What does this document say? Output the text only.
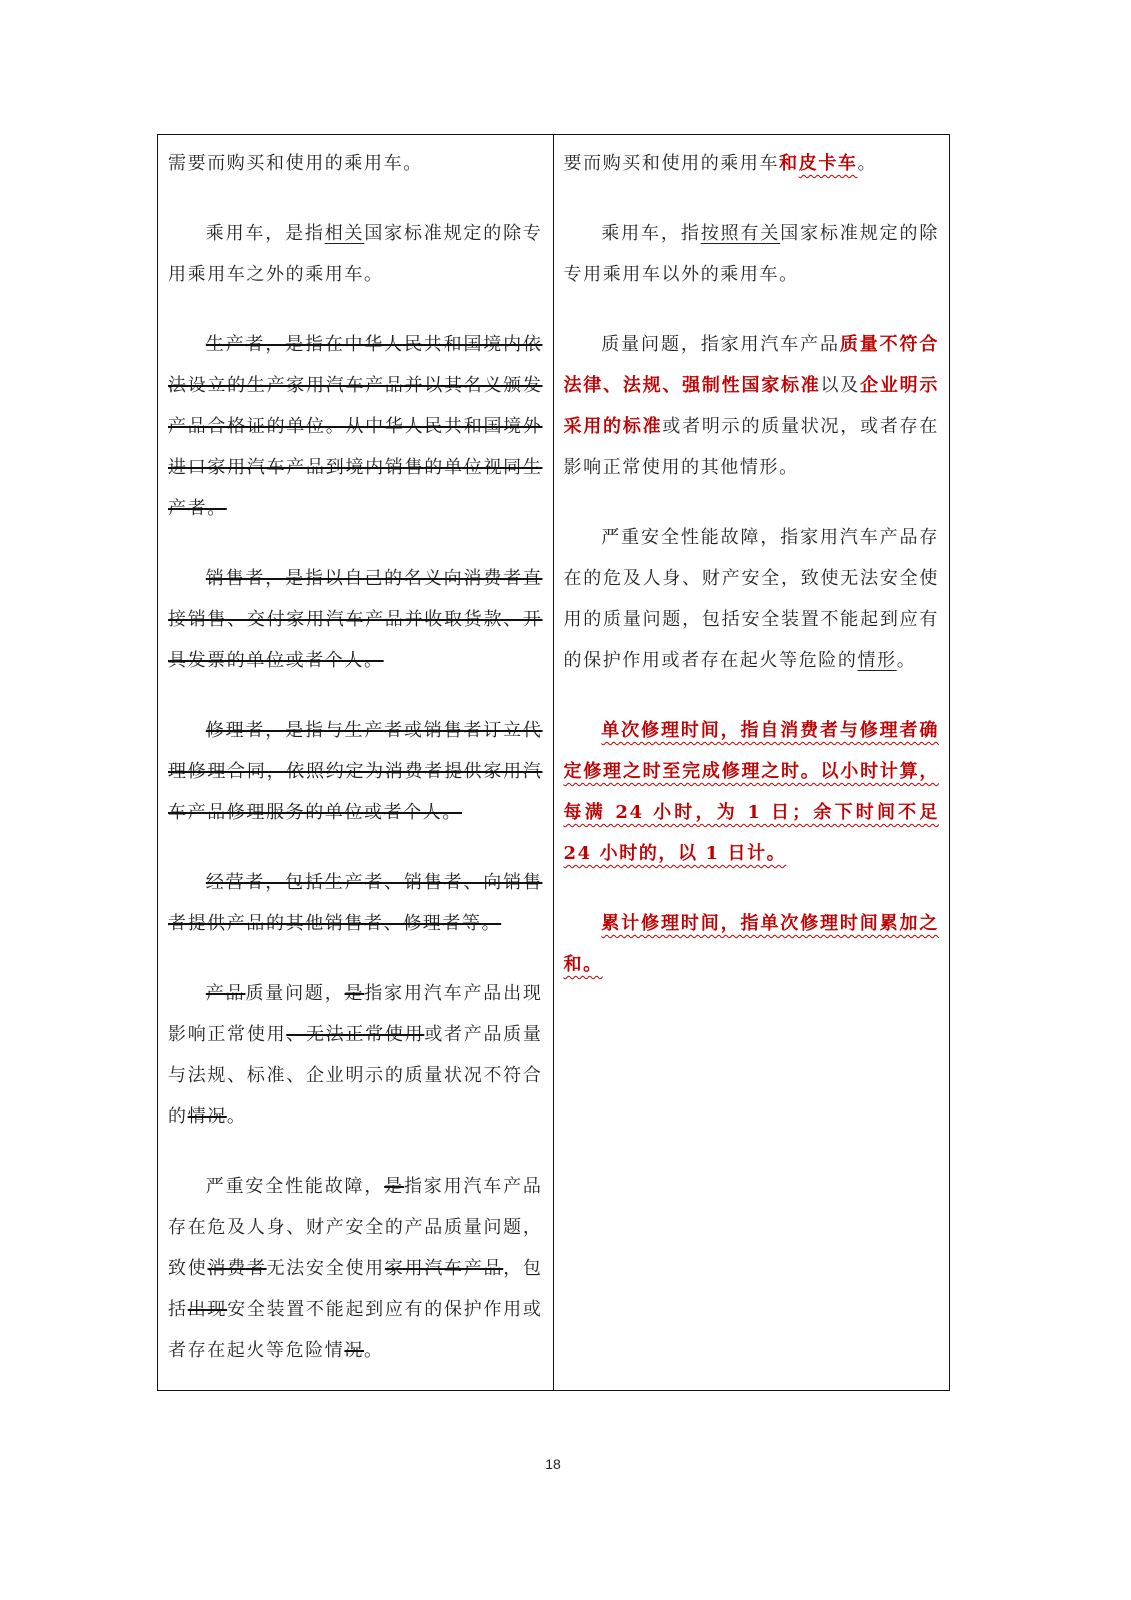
需要而购买和使用的乘用车。

乘用车，是指相关国家标准规定的除专用乘用车之外的乘用车。

生产者，是指在中华人民共和国境内依法设立的生产家用汽车产品并以其名义颁发产品合格证的单位。从中华人民共和国境外进口家用汽车产品到境内销售的单位视同生产者。

销售者，是指以自己的名义向消费者直接销售、交付家用汽车产品并收取货款、开具发票的单位或者个人。

修理者，是指与生产者或销售者订立代理修理合同，依照约定为消费者提供家用汽车产品修理服务的单位或者个人。

经营者，包括生产者、销售者、向销售者提供产品的其他销售者、修理者等。

产品质量问题，是指家用汽车产品出现影响正常使用、无法正常使用或者产品质量与法规、标准、企业明示的质量状况不符合的情况。

严重安全性能故障，是指家用汽车产品存在危及人身、财产安全的产品质量问题，致使消费者无法安全使用家用汽车产品，包括出现安全装置不能起到应有的保护作用或者存在起火等危险情况。

要而购买和使用的乘用车和皮卡车。

乘用车，指按照有关国家标准规定的除专用乘用车以外的乘用车。

质量问题，指家用汽车产品质量不符合法律、法规、强制性国家标准以及企业明示采用的标准或者明示的质量状况，或者存在影响正常使用的其他情形。

严重安全性能故障，指家用汽车产品存在的危及人身、财产安全，致使无法安全使用的质量问题，包括安全装置不能起到应有的保护作用或者存在起火等危险的情形。

单次修理时间，指自消费者与修理者确定修理之时至完成修理之时。以小时计算，每满 24 小时，为 1 日；余下时间不足 24 小时的，以 1 日计。

累计修理时间，指单次修理时间累加之和。

18
